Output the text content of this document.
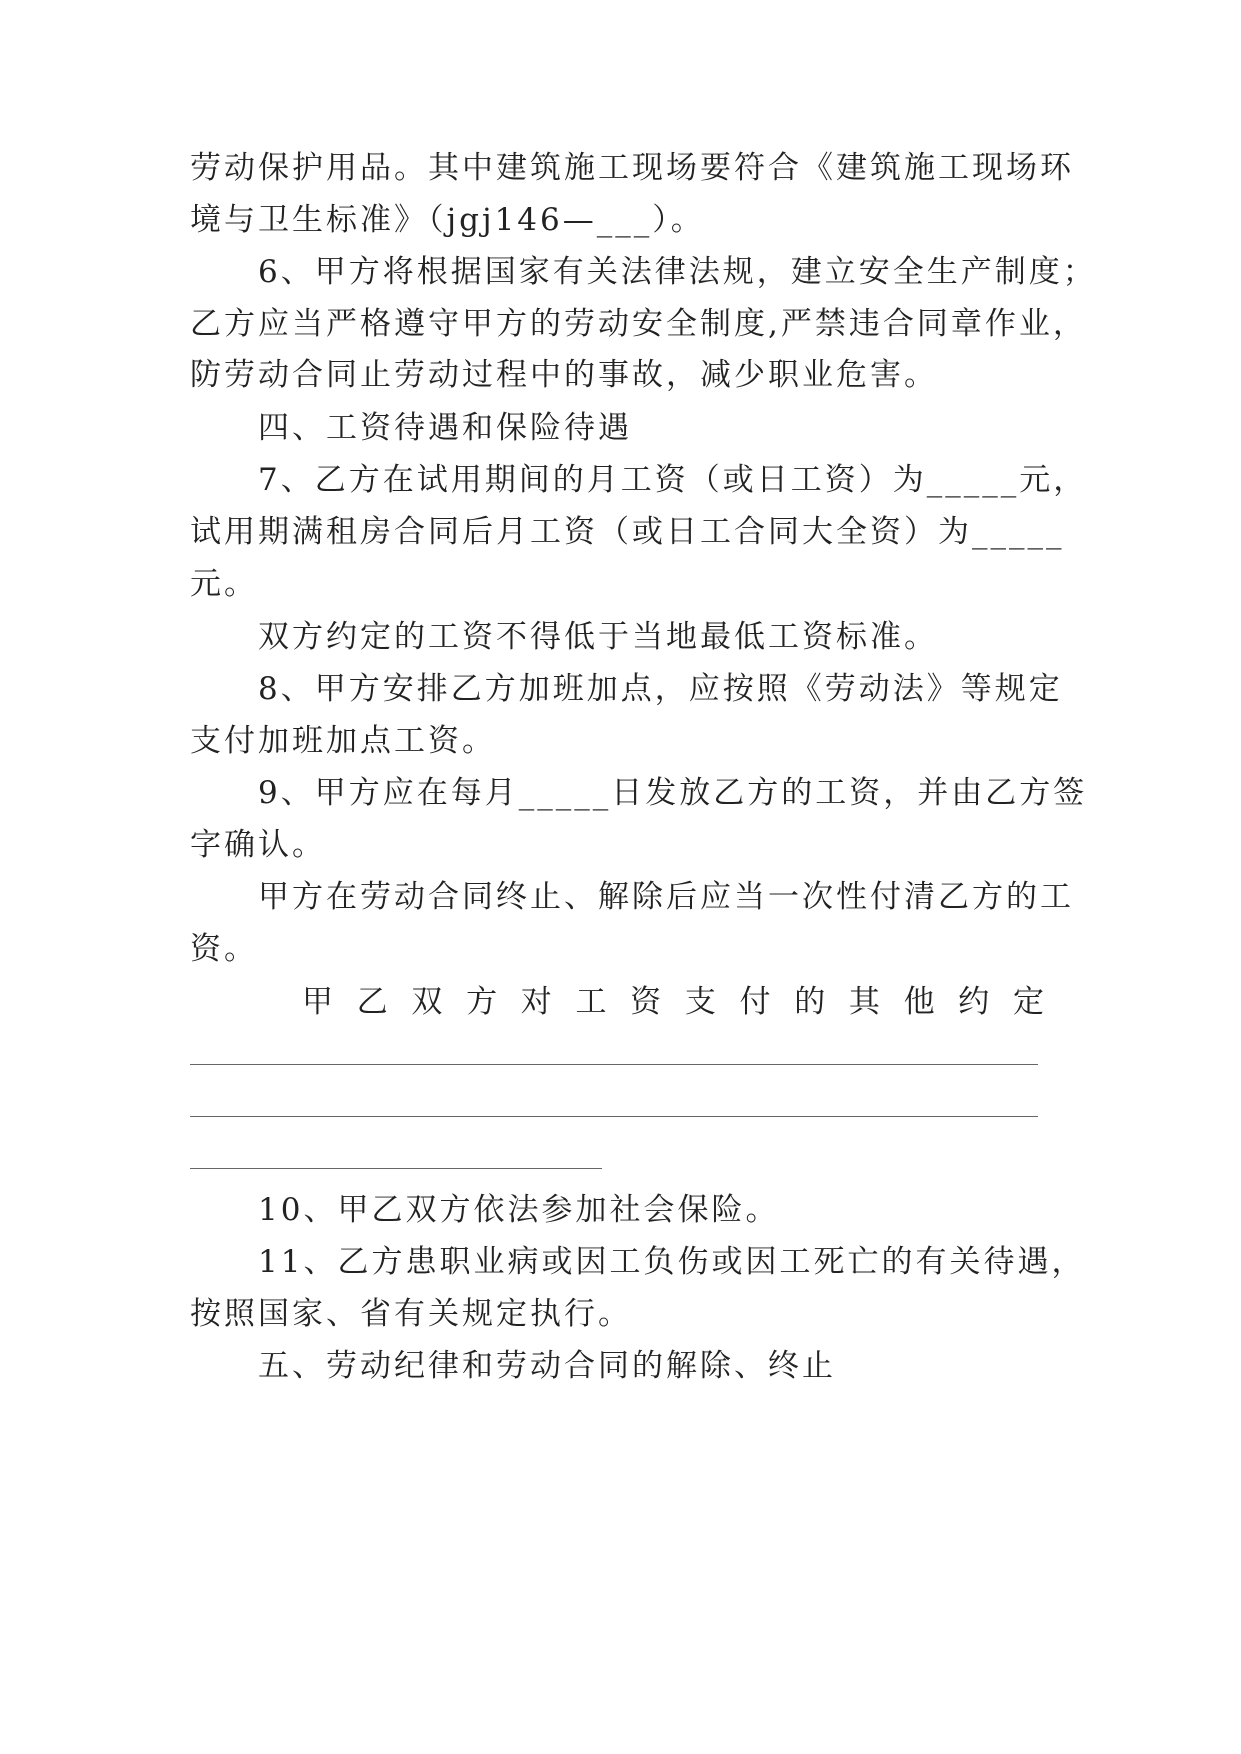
劳动保护用品。其中建筑施工现场要符合《建筑施工现场环
境与卫生标准》（jgj146—___）。
6、甲方将根据国家有关法律法规，建立安全生产制度；
乙方应当严格遵守甲方的劳动安全制度,严禁违合同章作业，
防劳动合同止劳动过程中的事故，减少职业危害。
四、工资待遇和保险待遇
7、乙方在试用期间的月工资（或日工资）为_____元，
试用期满租房合同后月工资（或日工合同大全资）为_____
元。
双方约定的工资不得低于当地最低工资标准。
8、甲方安排乙方加班加点，应按照《劳动法》等规定
支付加班加点工资。
9、甲方应在每月_____日发放乙方的工资，并由乙方签
字确认。
甲方在劳动合同终止、解除后应当一次性付清乙方的工
资。
甲 乙 双 方 对 工 资 支 付 的 其 他 约 定
10、甲乙双方依法参加社会保险。
11、乙方患职业病或因工负伤或因工死亡的有关待遇，
按照国家、省有关规定执行。
五、劳动纪律和劳动合同的解除、终止
